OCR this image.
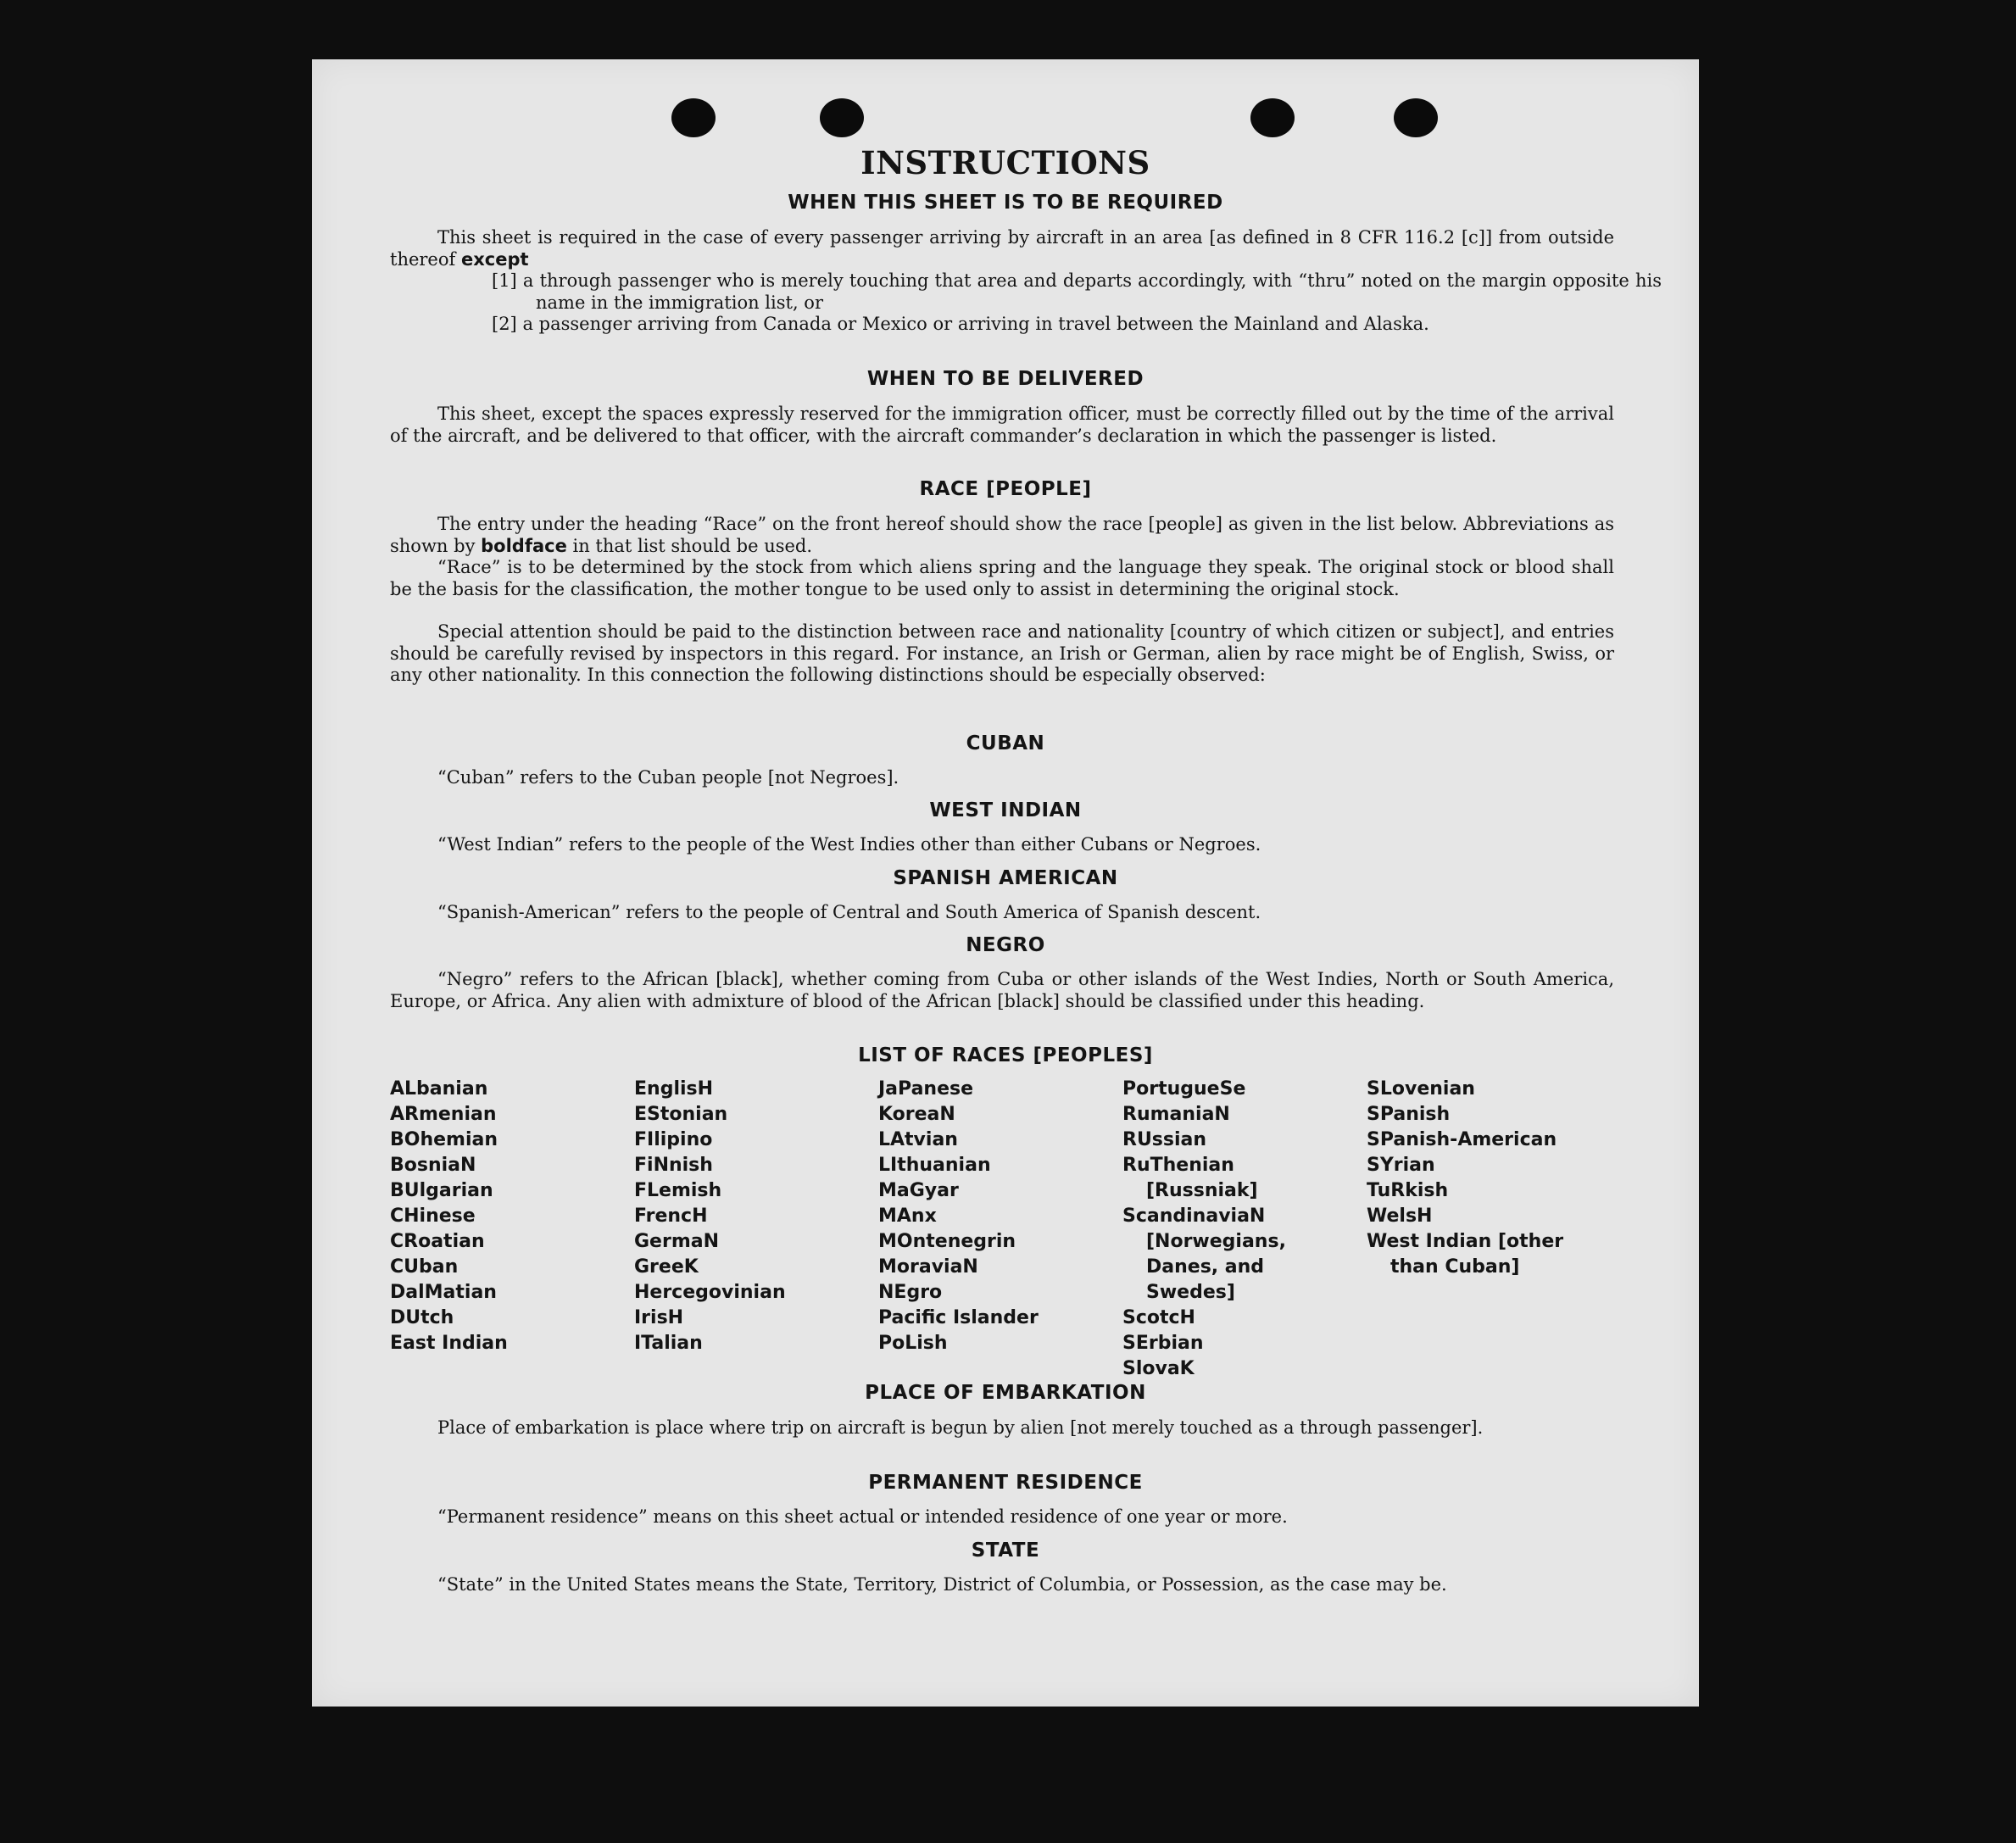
INSTRUCTIONS
WHEN THIS SHEET IS TO BE REQUIRED
This sheet is required in the case of every passenger arriving by aircraft in an area [as defined in 8 CFR 116.2 [c]] from outside thereof except
[1] a through passenger who is merely touching that area and departs accordingly, with “thru” noted on the margin opposite his name in the immigration list, or
[2] a passenger arriving from Canada or Mexico or arriving in travel between the Mainland and Alaska.
WHEN TO BE DELIVERED
This sheet, except the spaces expressly reserved for the immigration officer, must be correctly filled out by the time of the arrival of the aircraft, and be delivered to that officer, with the aircraft commander’s declaration in which the passenger is listed.
RACE [PEOPLE]
The entry under the heading “Race” on the front hereof should show the race [people] as given in the list below. Abbreviations as shown by boldface in that list should be used.
“Race” is to be determined by the stock from which aliens spring and the language they speak. The original stock or blood shall be the basis for the classification, the mother tongue to be used only to assist in determining the original stock.
Special attention should be paid to the distinction between race and nationality [country of which citizen or subject], and entries should be carefully revised by inspectors in this regard. For instance, an Irish or German, alien by race might be of English, Swiss, or any other nationality. In this connection the following distinctions should be especially observed:
CUBAN
“Cuban” refers to the Cuban people [not Negroes].
WEST INDIAN
“West Indian” refers to the people of the West Indies other than either Cubans or Negroes.
SPANISH AMERICAN
“Spanish-American” refers to the people of Central and South America of Spanish descent.
NEGRO
“Negro” refers to the African [black], whether coming from Cuba or other islands of the West Indies, North or South America, Europe, or Africa. Any alien with admixture of blood of the African [black] should be classified under this heading.
LIST OF RACES [PEOPLES]
ALbanian
ARmenian
BOhemian
BosniaN
BUlgarian
CHinese
CRoatian
CUban
DalMatian
DUtch
East Indian
EnglisH
EStonian
FIlipino
FiNnish
FLemish
FrencH
GermaN
GreeK
Hercegovinian
IrisH
ITalian
JaPanese
KoreaN
LAtvian
LIthuanian
MaGyar
MAnx
MOntenegrin
MoraviaN
NEgro
Pacific Islander
PoLish
PortugueSe
RumaniaN
RUssian
RuThenian [Russniak]
ScandinaviaN [Norwegians, Danes, and Swedes]
ScotcH
SErbian
SlovaK
SLovenian
SPanish
SPanish-American
SYrian
TuRkish
WelsH
West Indian [other than Cuban]
PLACE OF EMBARKATION
Place of embarkation is place where trip on aircraft is begun by alien [not merely touched as a through passenger].
PERMANENT RESIDENCE
“Permanent residence” means on this sheet actual or intended residence of one year or more.
STATE
“State” in the United States means the State, Territory, District of Columbia, or Possession, as the case may be.
